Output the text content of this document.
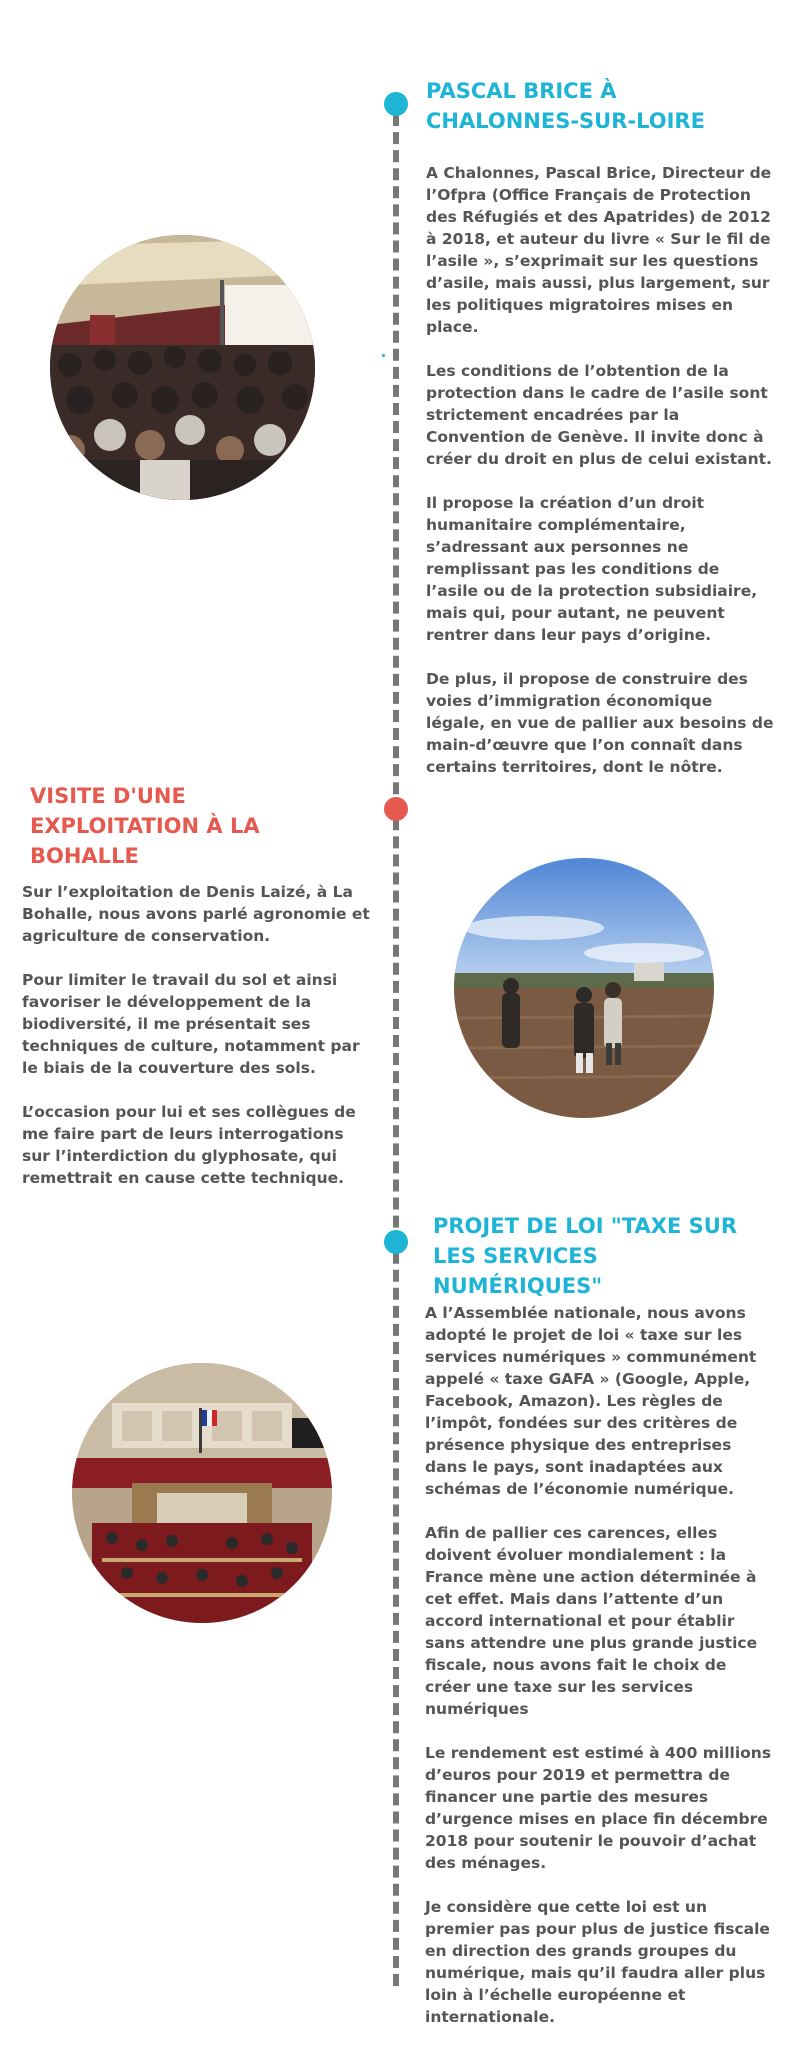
PASCAL BRICE À CHALONNES-SUR-LOIRE

A Chalonnes, Pascal Brice, Directeur de l’Ofpra (Office Français de Protection des Réfugiés et des Apatrides) de 2012 à 2018, et auteur du livre « Sur le fil de l’asile », s’exprimait sur les questions d’asile, mais aussi, plus largement, sur les politiques migratoires mises en place.

Les conditions de l’obtention de la protection dans le cadre de l’asile sont strictement encadrées par la Convention de Genève. Il invite donc à créer du droit en plus de celui existant.

Il propose la création d’un droit humanitaire complémentaire, s’adressant aux personnes ne remplissant pas les conditions de l’asile ou de la protection subsidiaire, mais qui, pour autant, ne peuvent rentrer dans leur pays d’origine.

De plus, il propose de construire des voies d’immigration économique légale, en vue de pallier aux besoins de main-d’œuvre que l’on connaît dans certains territoires, dont le nôtre.

VISITE D'UNE EXPLOITATION À LA BOHALLE

Sur l’exploitation de Denis Laizé, à La Bohalle, nous avons parlé agronomie et agriculture de conservation.

Pour limiter le travail du sol et ainsi favoriser le développement de la biodiversité, il me présentait ses techniques de culture, notamment par le biais de la couverture des sols.

L’occasion pour lui et ses collègues de me faire part de leurs interrogations sur l’interdiction du glyphosate, qui remettrait en cause cette technique.

PROJET DE LOI "TAXE SUR LES SERVICES NUMÉRIQUES"

A l’Assemblée nationale, nous avons adopté le projet de loi « taxe sur les services numériques » communément appelé « taxe GAFA » (Google, Apple, Facebook, Amazon). Les règles de l’impôt, fondées sur des critères de présence physique des entreprises dans le pays, sont inadaptées aux schémas de l’économie numérique.

Afin de pallier ces carences, elles doivent évoluer mondialement : la France mène une action déterminée à cet effet. Mais dans l’attente d’un accord international et pour établir sans attendre une plus grande justice fiscale, nous avons fait le choix de créer une taxe sur les services numériques

Le rendement est estimé à 400 millions d’euros pour 2019 et permettra de financer une partie des mesures d’urgence mises en place fin décembre 2018 pour soutenir le pouvoir d’achat des ménages.

Je considère que cette loi est un premier pas pour plus de justice fiscale en direction des grands groupes du numérique, mais qu’il faudra aller plus loin à l’échelle européenne et internationale.
